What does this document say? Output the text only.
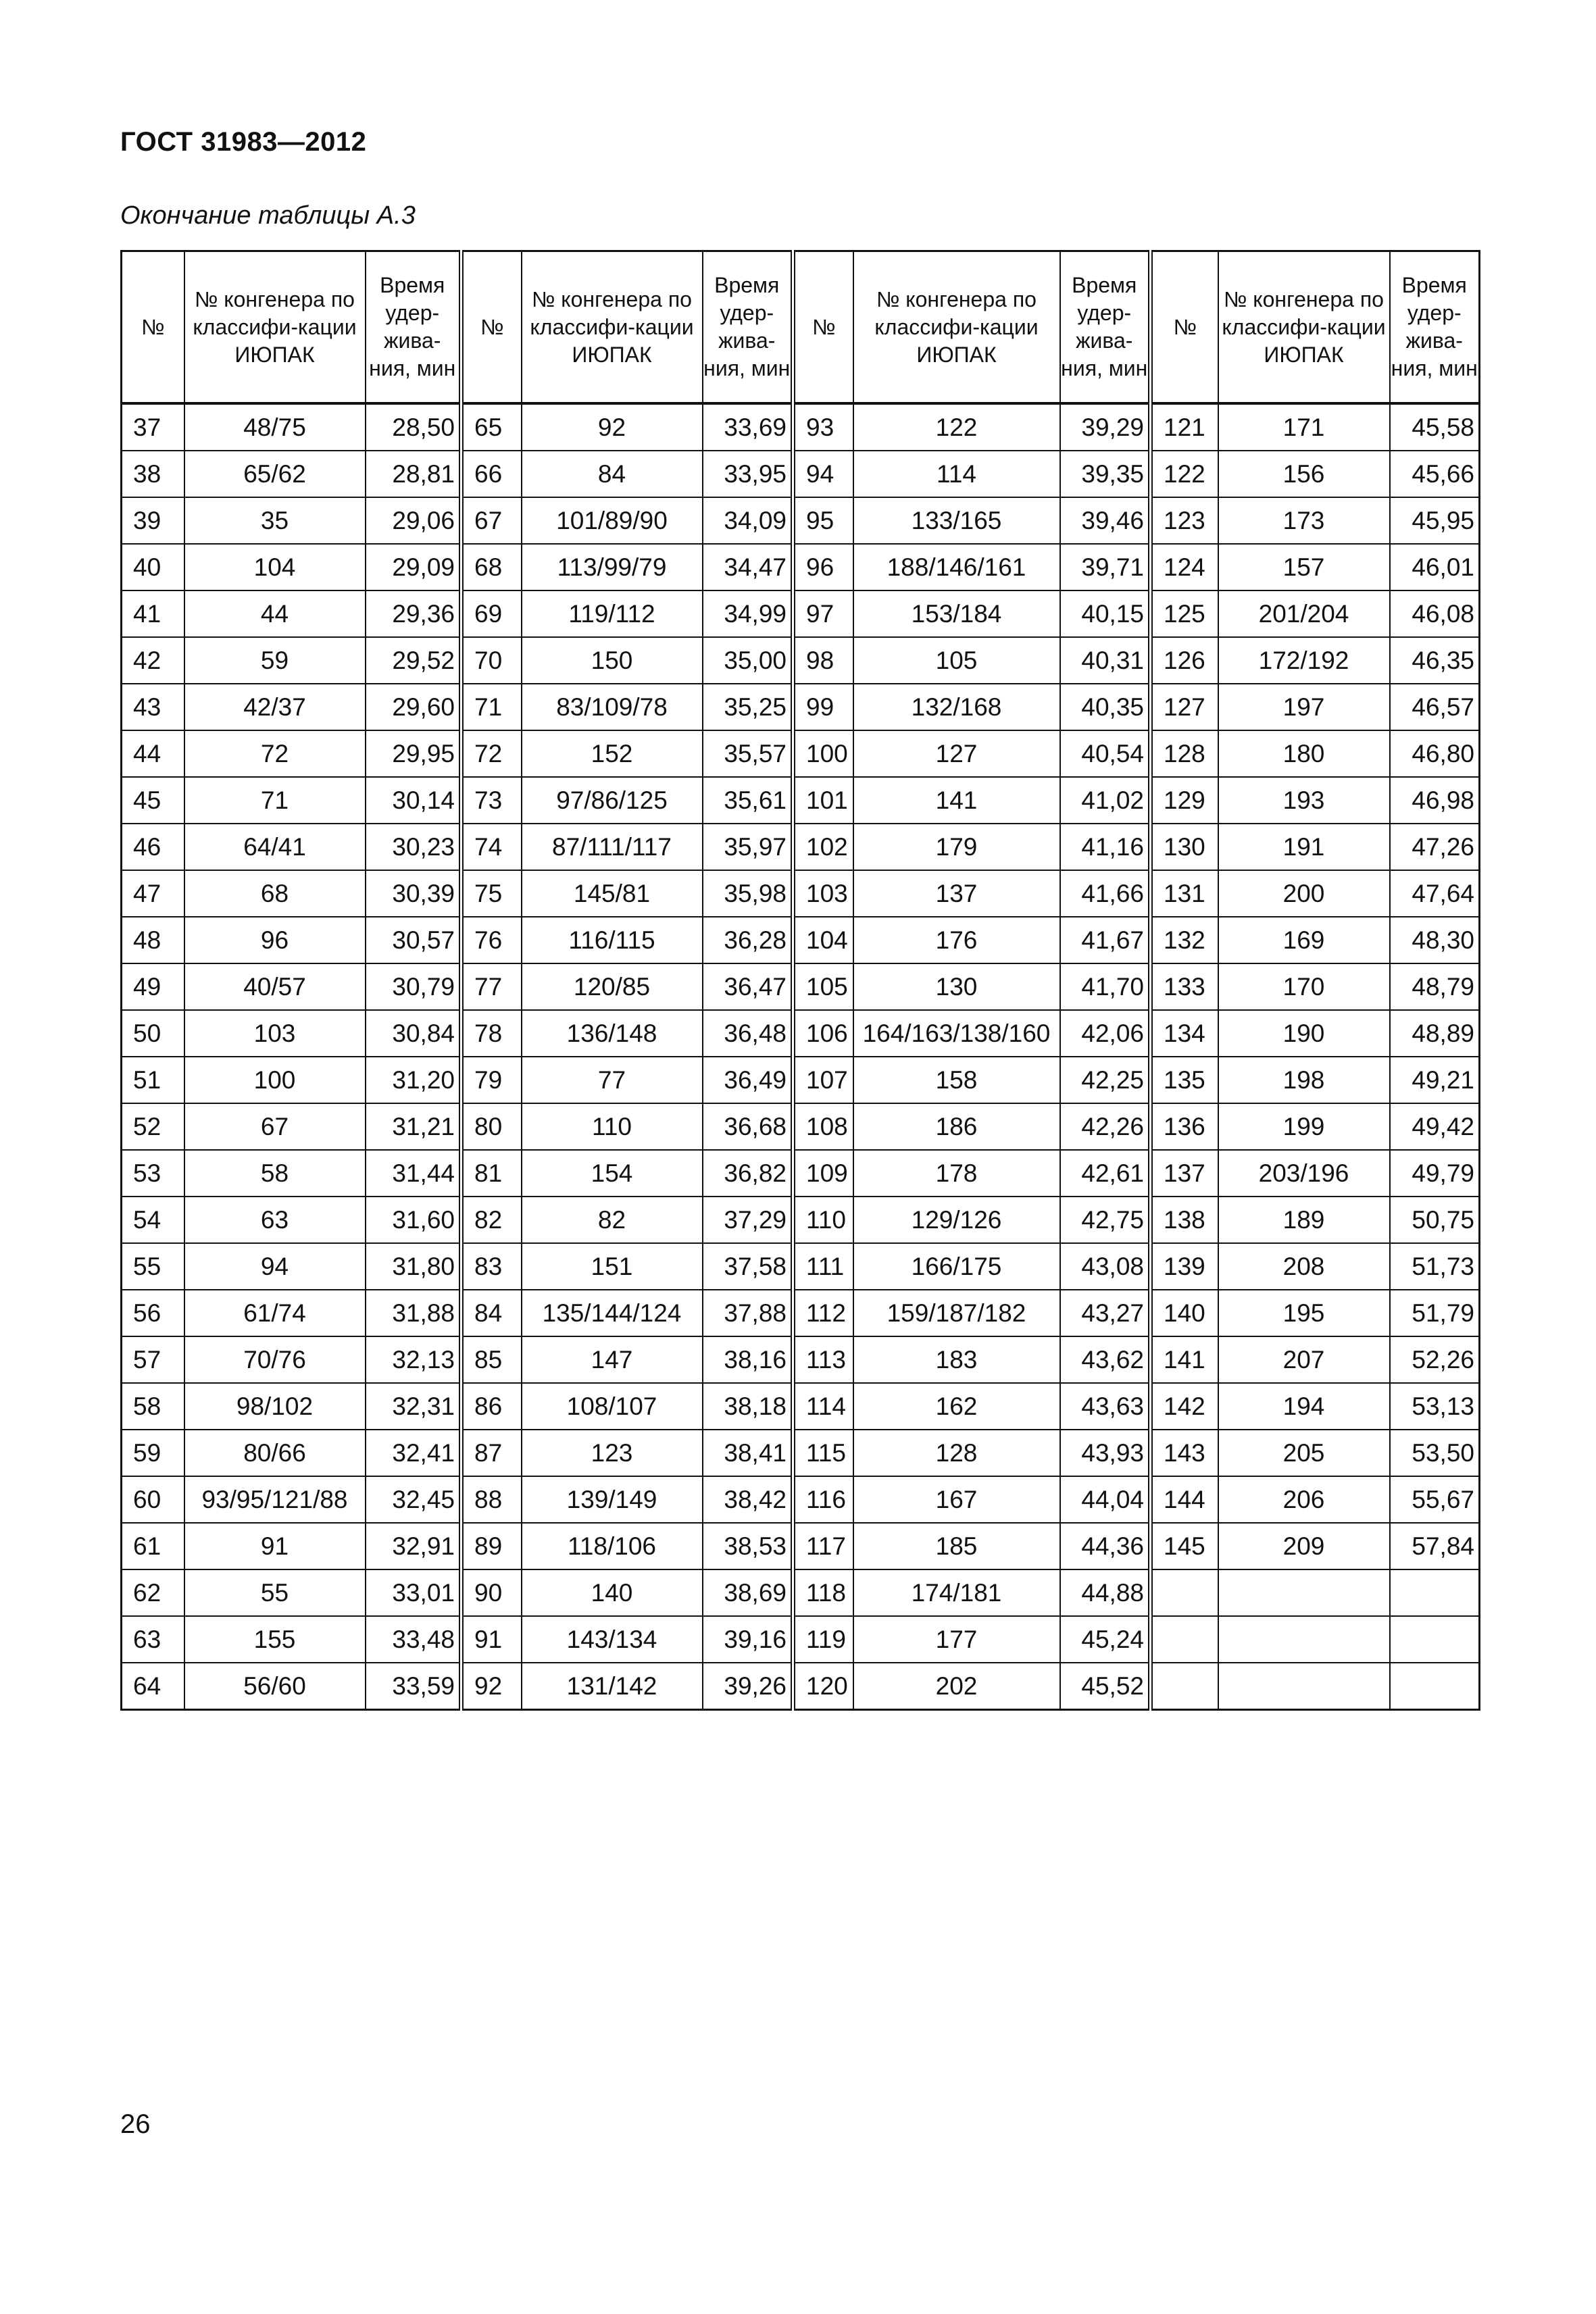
ГОСТ 31983—2012
Окончание таблицы А.3
№	№ конгенера по классифи-кации ИЮПАК	Время удер-жива-ния, мин	№	№ конгенера по классифи-кации ИЮПАК	Время удер-жива-ния, мин	№	№ конгенера по классифи-кации ИЮПАК	Время удер-жива-ния, мин	№	№ конгенера по классифи-кации ИЮПАК	Время удер-жива-ния, мин
37	48/75	28,50	65	92	33,69	93	122	39,29	121	171	45,58
38	65/62	28,81	66	84	33,95	94	114	39,35	122	156	45,66
39	35	29,06	67	101/89/90	34,09	95	133/165	39,46	123	173	45,95
40	104	29,09	68	113/99/79	34,47	96	188/146/161	39,71	124	157	46,01
41	44	29,36	69	119/112	34,99	97	153/184	40,15	125	201/204	46,08
42	59	29,52	70	150	35,00	98	105	40,31	126	172/192	46,35
43	42/37	29,60	71	83/109/78	35,25	99	132/168	40,35	127	197	46,57
44	72	29,95	72	152	35,57	100	127	40,54	128	180	46,80
45	71	30,14	73	97/86/125	35,61	101	141	41,02	129	193	46,98
46	64/41	30,23	74	87/111/117	35,97	102	179	41,16	130	191	47,26
47	68	30,39	75	145/81	35,98	103	137	41,66	131	200	47,64
48	96	30,57	76	116/115	36,28	104	176	41,67	132	169	48,30
49	40/57	30,79	77	120/85	36,47	105	130	41,70	133	170	48,79
50	103	30,84	78	136/148	36,48	106	164/163/138/160	42,06	134	190	48,89
51	100	31,20	79	77	36,49	107	158	42,25	135	198	49,21
52	67	31,21	80	110	36,68	108	186	42,26	136	199	49,42
53	58	31,44	81	154	36,82	109	178	42,61	137	203/196	49,79
54	63	31,60	82	82	37,29	110	129/126	42,75	138	189	50,75
55	94	31,80	83	151	37,58	111	166/175	43,08	139	208	51,73
56	61/74	31,88	84	135/144/124	37,88	112	159/187/182	43,27	140	195	51,79
57	70/76	32,13	85	147	38,16	113	183	43,62	141	207	52,26
58	98/102	32,31	86	108/107	38,18	114	162	43,63	142	194	53,13
59	80/66	32,41	87	123	38,41	115	128	43,93	143	205	53,50
60	93/95/121/88	32,45	88	139/149	38,42	116	167	44,04	144	206	55,67
61	91	32,91	89	118/106	38,53	117	185	44,36	145	209	57,84
62	55	33,01	90	140	38,69	118	174/181	44,88			
63	155	33,48	91	143/134	39,16	119	177	45,24			
64	56/60	33,59	92	131/142	39,26	120	202	45,52			
26
